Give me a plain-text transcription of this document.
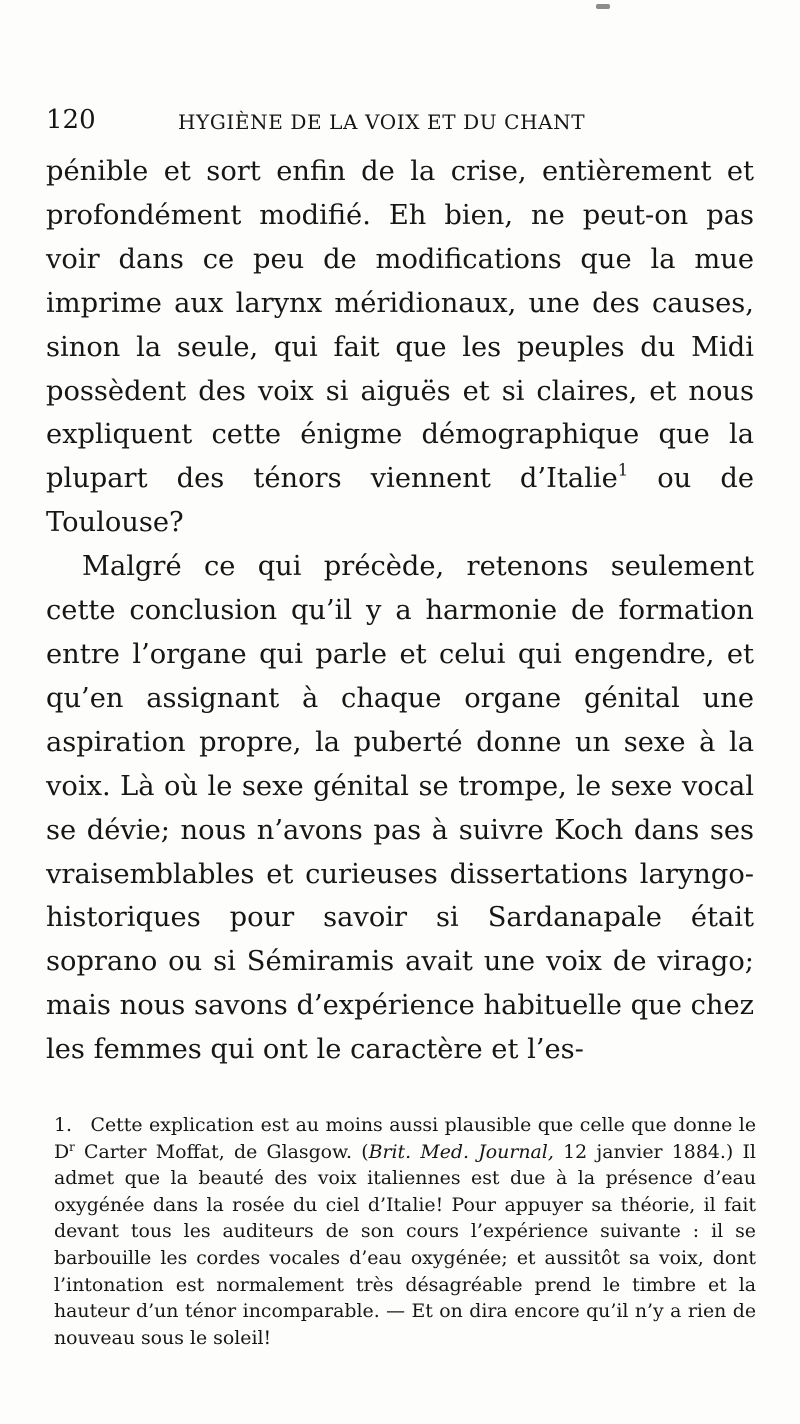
120	HYGIÈNE DE LA VOIX ET DU CHANT

pénible et sort enfin de la crise, entièrement et profondément modifié. Eh bien, ne peut-on pas voir dans ce peu de modifications que la mue imprime aux larynx méridionaux, une des causes, sinon la seule, qui fait que les peuples du Midi possèdent des voix si aiguës et si claires, et nous expliquent cette énigme démographique que la plupart des ténors viennent d’Italie$^1$ ou de Toulouse?

Malgré ce qui précède, retenons seulement cette conclusion qu’il y a harmonie de formation entre l’organe qui parle et celui qui engendre, et qu’en assignant à chaque organe génital une aspiration propre, la puberté donne un sexe à la voix. Là où le sexe génital se trompe, le sexe vocal se dévie; nous n’avons pas à suivre Koch dans ses vraisemblables et curieuses dissertations laryngo-historiques pour savoir si Sardanapale était soprano ou si Sémiramis avait une voix de virago; mais nous savons d’expérience habituelle que chez les femmes qui ont le caractère et l’es-

1. Cette explication est au moins aussi plausible que celle que donne le $D^r$ Carter Moffat, de Glasgow. (Brit. Med. Journal, 12 janvier 1884.) Il admet que la beauté des voix italiennes est due à la présence d’eau oxygénée dans la rosée du ciel d’Italie! Pour appuyer sa théorie, il fait devant tous les auditeurs de son cours l’expérience suivante : il se barbouille les cordes vocales d’eau oxygénée; et aussitôt sa voix, dont l’intonation est normalement très désagréable prend le timbre et la hauteur d’un ténor incomparable. — Et on dira encore qu’il n’y a rien de nouveau sous le soleil!
